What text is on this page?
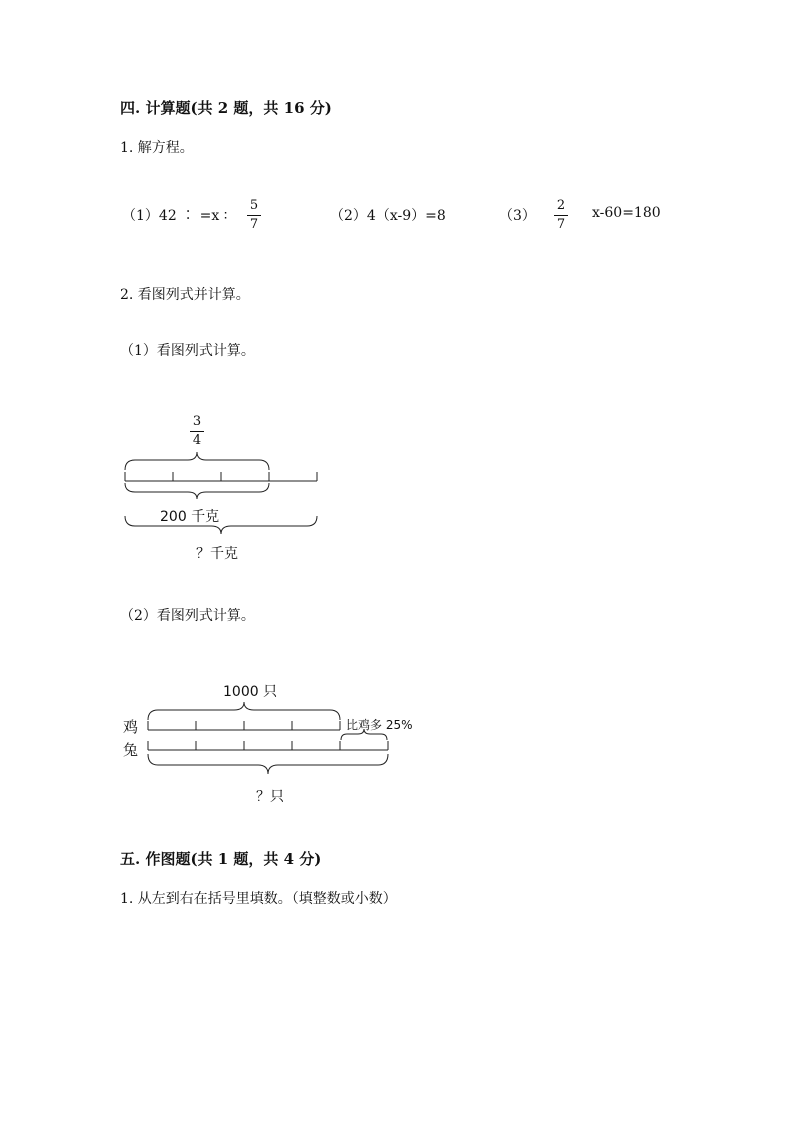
四. 计算题(共 2 题，共 16 分)
1. 解方程。
（1）42 ∶ =x ∶
5
7
（2）4（x-9）=8	（3）
2
7
x-60=180
2. 看图列式并计算。
（1）看图列式计算。
3
4
200 千克
？千克
（2）看图列式计算。
1000 只
鸡
兔
比鸡多 25%
？只
五. 作图题(共 1 题，共 4 分)
1. 从左到右在括号里填数。（填整数或小数）
